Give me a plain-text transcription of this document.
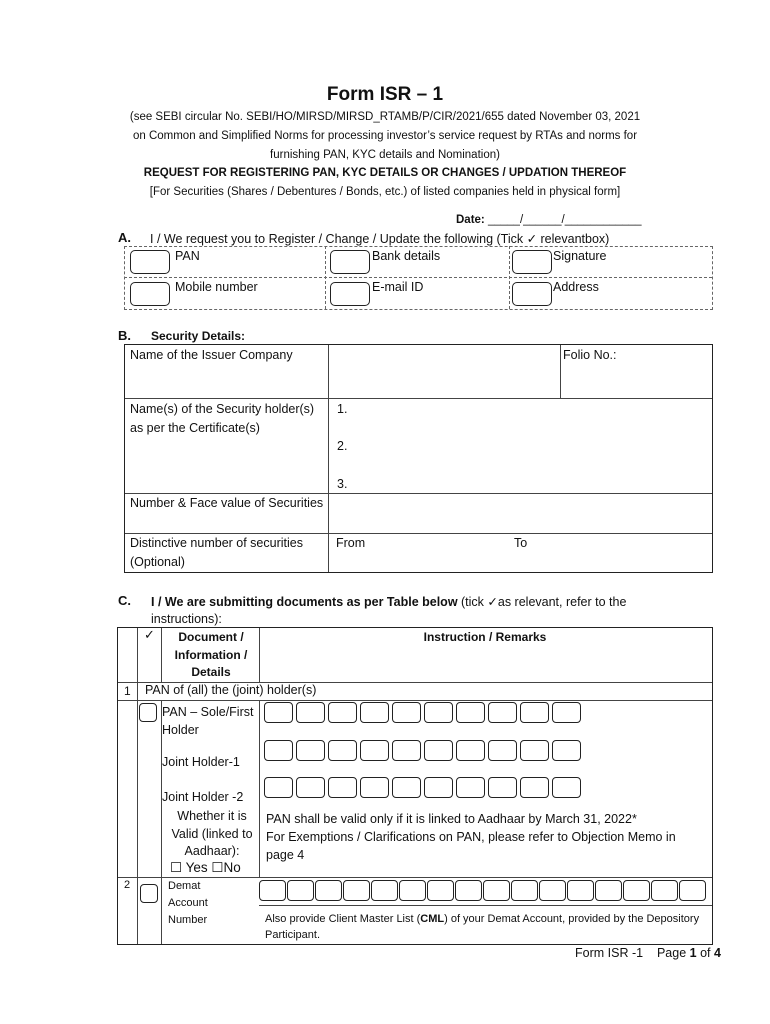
Form ISR – 1
(see SEBI circular No. SEBI/HO/MIRSD/MIRSD_RTAMB/P/CIR/2021/655 dated November 03, 2021
on Common and Simplified Norms for processing investor’s service request by RTAs and norms for
furnishing PAN, KYC details and Nomination)
REQUEST FOR REGISTERING PAN, KYC DETAILS OR CHANGES / UPDATION THEREOF
[For Securities (Shares / Debentures / Bonds, etc.) of listed companies held in physical form]
Date: _____/______/____________
A. I / We request you to Register / Change / Update the following (Tick ✓ relevantbox)
PAN	Bank details	Signature
Mobile number	E-mail ID	Address
B. Security Details:
Name of the Issuer Company	Folio No.:
Name(s) of the Security holder(s) as per the Certificate(s)
1.
2.
3.
Number & Face value of Securities
Distinctive number of securities (Optional)
From	To
C. I / We are submitting documents as per Table below (tick ✓as relevant, refer to the
instructions):
✓	Document / Information / Details
Instruction / Remarks
1 PAN of (all) the (joint) holder(s)
PAN – Sole/First Holder
Joint Holder-1
Joint Holder -2
Whether it is Valid (linked to Aadhaar):
☐ Yes ☐No
PAN shall be valid only if it is linked to Aadhaar by March 31, 2022*
For Exemptions / Clarifications on PAN, please refer to Objection Memo in page 4
2	Demat Account Number	Also provide Client Master List (CML) of your Demat Account, provided by the Depository Participant.
Form ISR -1 Page 1 of 4
